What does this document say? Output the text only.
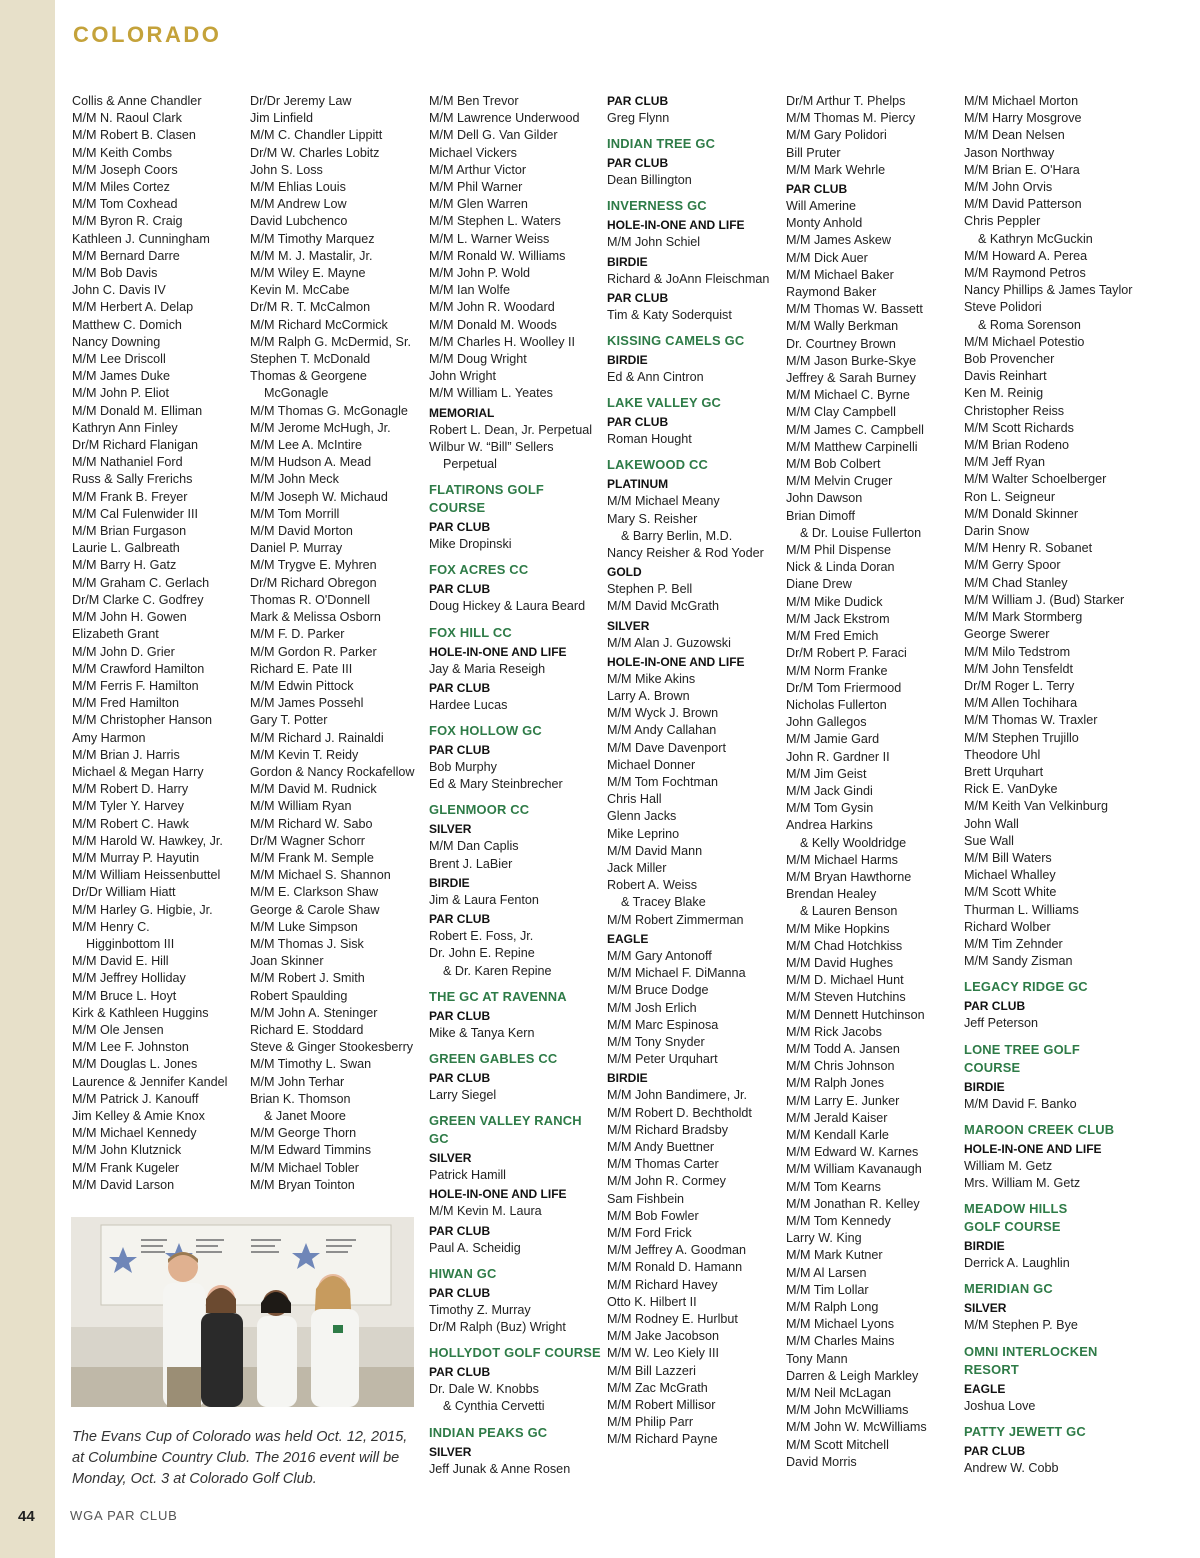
COLORADO
Collis & Anne Chandler
M/M N. Raoul Clark
M/M Robert B. Clasen
M/M Keith Combs
M/M Joseph Coors
M/M Miles Cortez
M/M Tom Coxhead
M/M Byron R. Craig
Kathleen J. Cunningham
M/M Bernard Darre
M/M Bob Davis
John C. Davis IV
M/M Herbert A. Delap
Matthew C. Domich
Nancy Downing
M/M Lee Driscoll
M/M James Duke
M/M John P. Eliot
M/M Donald M. Elliman
Kathryn Ann Finley
Dr/M Richard Flanigan
M/M Nathaniel Ford
Russ & Sally Frerichs
M/M Frank B. Freyer
M/M Cal Fulenwider III
M/M Brian Furgason
Laurie L. Galbreath
M/M Barry H. Gatz
M/M Graham C. Gerlach
Dr/M Clarke C. Godfrey
M/M John H. Gowen
Elizabeth Grant
M/M John D. Grier
M/M Crawford Hamilton
M/M Ferris F. Hamilton
M/M Fred Hamilton
M/M Christopher Hanson
Amy Harmon
M/M Brian J. Harris
Michael & Megan Harry
M/M Robert D. Harry
M/M Tyler Y. Harvey
M/M Robert C. Hawk
M/M Harold W. Hawkey, Jr.
M/M Murray P. Hayutin
M/M William Heissenbuttel
Dr/Dr William Hiatt
M/M Harley G. Higbie, Jr.
M/M Henry C.
Higginbottom III
M/M David E. Hill
M/M Jeffrey Holliday
M/M Bruce L. Hoyt
Kirk & Kathleen Huggins
M/M Ole Jensen
M/M Lee F. Johnston
M/M Douglas L. Jones
Laurence & Jennifer Kandel
M/M Patrick J. Kanouff
Jim Kelley & Amie Knox
M/M Michael Kennedy
M/M John Klutznick
M/M Frank Kugeler
M/M David Larson
Dr/Dr Jeremy Law
Jim Linfield
M/M C. Chandler Lippitt
Dr/M W. Charles Lobitz
John S. Loss
M/M Ehlias Louis
M/M Andrew Low
David Lubchenco
M/M Timothy Marquez
M/M M. J. Mastalir, Jr.
M/M Wiley E. Mayne
Kevin M. McCabe
Dr/M R. T. McCalmon
M/M Richard McCormick
M/M Ralph G. McDermid, Sr.
Stephen T. McDonald
Thomas & Georgene
McGonagle
M/M Thomas G. McGonagle
M/M Jerome McHugh, Jr.
M/M Lee A. McIntire
M/M Hudson A. Mead
M/M John Meck
M/M Joseph W. Michaud
M/M Tom Morrill
M/M David Morton
Daniel P. Murray
M/M Trygve E. Myhren
Dr/M Richard Obregon
Thomas R. O'Donnell
Mark & Melissa Osborn
M/M F. D. Parker
M/M Gordon R. Parker
Richard E. Pate III
M/M Edwin Pittock
M/M James Possehl
Gary T. Potter
M/M Richard J. Rainaldi
M/M Kevin T. Reidy
Gordon & Nancy Rockafellow
M/M David M. Rudnick
M/M William Ryan
M/M Richard W. Sabo
Dr/M Wagner Schorr
M/M Frank M. Semple
M/M Michael S. Shannon
M/M E. Clarkson Shaw
George & Carole Shaw
M/M Luke Simpson
M/M Thomas J. Sisk
Joan Skinner
M/M Robert J. Smith
Robert Spaulding
M/M John A. Steninger
Richard E. Stoddard
Steve & Ginger Stookesberry
M/M Timothy L. Swan
M/M John Terhar
Brian K. Thomson
& Janet Moore
M/M George Thorn
M/M Edward Timmins
M/M Michael Tobler
M/M Bryan Tointon
M/M Ben Trevor
M/M Lawrence Underwood
M/M Dell G. Van Gilder
Michael Vickers
M/M Arthur Victor
M/M Phil Warner
M/M Glen Warren
M/M Stephen L. Waters
M/M L. Warner Weiss
M/M Ronald W. Williams
M/M John P. Wold
M/M Ian Wolfe
M/M John R. Woodard
M/M Donald M. Woods
M/M Charles H. Woolley II
M/M Doug Wright
John Wright
M/M William L. Yeates
MEMORIAL
Robert L. Dean, Jr. Perpetual
Wilbur W. “Bill” Sellers
Perpetual
FLATIRONS GOLF COURSE
PAR CLUB
Mike Dropinski
FOX ACRES CC
PAR CLUB
Doug Hickey & Laura Beard
FOX HILL CC
HOLE-IN-ONE AND LIFE
Jay & Maria Reseigh
PAR CLUB
Hardee Lucas
FOX HOLLOW GC
PAR CLUB
Bob Murphy
Ed & Mary Steinbrecher
GLENMOOR CC
SILVER
M/M Dan Caplis
Brent J. LaBier
BIRDIE
Jim & Laura Fenton
PAR CLUB
Robert E. Foss, Jr.
Dr. John E. Repine
& Dr. Karen Repine
THE GC AT RAVENNA
PAR CLUB
Mike & Tanya Kern
GREEN GABLES CC
PAR CLUB
Larry Siegel
GREEN VALLEY RANCH GC
SILVER
Patrick Hamill
HOLE-IN-ONE AND LIFE
M/M Kevin M. Laura
PAR CLUB
Paul A. Scheidig
HIWAN GC
PAR CLUB
Timothy Z. Murray
Dr/M Ralph (Buz) Wright
HOLLYDOT GOLF COURSE
PAR CLUB
Dr. Dale W. Knobbs
& Cynthia Cervetti
INDIAN PEAKS GC
SILVER
Jeff Junak & Anne Rosen
PAR CLUB
Greg Flynn
INDIAN TREE GC
PAR CLUB
Dean Billington
INVERNESS GC
HOLE-IN-ONE AND LIFE
M/M John Schiel
BIRDIE
Richard & JoAnn Fleischman
PAR CLUB
Tim & Katy Soderquist
KISSING CAMELS GC
BIRDIE
Ed & Ann Cintron
LAKE VALLEY GC
PAR CLUB
Roman Hought
LAKEWOOD CC
PLATINUM
M/M Michael Meany
Mary S. Reisher
& Barry Berlin, M.D.
Nancy Reisher & Rod Yoder
GOLD
Stephen P. Bell
M/M David McGrath
SILVER
M/M Alan J. Guzowski
HOLE-IN-ONE AND LIFE
M/M Mike Akins
Larry A. Brown
M/M Wyck J. Brown
M/M Andy Callahan
M/M Dave Davenport
Michael Donner
M/M Tom Fochtman
Chris Hall
Glenn Jacks
Mike Leprino
M/M David Mann
Jack Miller
Robert A. Weiss
& Tracey Blake
M/M Robert Zimmerman
EAGLE
M/M Gary Antonoff
M/M Michael F. DiManna
M/M Bruce Dodge
M/M Josh Erlich
M/M Marc Espinosa
M/M Tony Snyder
M/M Peter Urquhart
BIRDIE
M/M John Bandimere, Jr.
M/M Robert D. Bechtholdt
M/M Richard Bradsby
M/M Andy Buettner
M/M Thomas Carter
M/M John R. Cormey
Sam Fishbein
M/M Bob Fowler
M/M Ford Frick
M/M Jeffrey A. Goodman
M/M Ronald D. Hamann
M/M Richard Havey
Otto K. Hilbert II
M/M Rodney E. Hurlbut
M/M Jake Jacobson
M/M W. Leo Kiely III
M/M Bill Lazzeri
M/M Zac McGrath
M/M Robert Millisor
M/M Philip Parr
M/M Richard Payne
Dr/M Arthur T. Phelps
M/M Thomas M. Piercy
M/M Gary Polidori
Bill Pruter
M/M Mark Wehrle
PAR CLUB
Will Amerine
Monty Anhold
M/M James Askew
M/M Dick Auer
M/M Michael Baker
Raymond Baker
M/M Thomas W. Bassett
M/M Wally Berkman
Dr. Courtney Brown
M/M Jason Burke-Skye
Jeffrey & Sarah Burney
M/M Michael C. Byrne
M/M Clay Campbell
M/M James C. Campbell
M/M Matthew Carpinelli
M/M Bob Colbert
M/M Melvin Cruger
John Dawson
Brian Dimoff
& Dr. Louise Fullerton
M/M Phil Dispense
Nick & Linda Doran
Diane Drew
M/M Mike Dudick
M/M Jack Ekstrom
M/M Fred Emich
Dr/M Robert P. Faraci
M/M Norm Franke
Dr/M Tom Friermood
Nicholas Fullerton
John Gallegos
M/M Jamie Gard
John R. Gardner II
M/M Jim Geist
M/M Jack Gindi
M/M Tom Gysin
Andrea Harkins
& Kelly Wooldridge
M/M Michael Harms
M/M Bryan Hawthorne
Brendan Healey
& Lauren Benson
M/M Mike Hopkins
M/M Chad Hotchkiss
M/M David Hughes
M/M D. Michael Hunt
M/M Steven Hutchins
M/M Dennett Hutchinson
M/M Rick Jacobs
M/M Todd A. Jansen
M/M Chris Johnson
M/M Ralph Jones
M/M Larry E. Junker
M/M Jerald Kaiser
M/M Kendall Karle
M/M Edward W. Karnes
M/M William Kavanaugh
M/M Tom Kearns
M/M Jonathan R. Kelley
M/M Tom Kennedy
Larry W. King
M/M Mark Kutner
M/M Al Larsen
M/M Tim Lollar
M/M Ralph Long
M/M Michael Lyons
M/M Charles Mains
Tony Mann
Darren & Leigh Markley
M/M Neil McLagan
M/M John McWilliams
M/M John W. McWilliams
M/M Scott Mitchell
David Morris
M/M Michael Morton
M/M Harry Mosgrove
M/M Dean Nelsen
Jason Northway
M/M Brian E. O'Hara
M/M John Orvis
M/M David Patterson
Chris Peppler
& Kathryn McGuckin
M/M Howard A. Perea
M/M Raymond Petros
Nancy Phillips & James Taylor
Steve Polidori
& Roma Sorenson
M/M Michael Potestio
Bob Provencher
Davis Reinhart
Ken M. Reinig
Christopher Reiss
M/M Scott Richards
M/M Brian Rodeno
M/M Jeff Ryan
M/M Walter Schoelberger
Ron L. Seigneur
M/M Donald Skinner
Darin Snow
M/M Henry R. Sobanet
M/M Gerry Spoor
M/M Chad Stanley
M/M William J. (Bud) Starker
M/M Mark Stormberg
George Swerer
M/M Milo Tedstrom
M/M John Tensfeldt
Dr/M Roger L. Terry
M/M Allen Tochihara
M/M Thomas W. Traxler
M/M Stephen Trujillo
Theodore Uhl
Brett Urquhart
Rick E. VanDyke
M/M Keith Van Velkinburg
John Wall
Sue Wall
M/M Bill Waters
Michael Whalley
M/M Scott White
Thurman L. Williams
Richard Wolber
M/M Tim Zehnder
M/M Sandy Zisman
LEGACY RIDGE GC
PAR CLUB
Jeff Peterson
LONE TREE GOLF COURSE
BIRDIE
M/M David F. Banko
MAROON CREEK CLUB
HOLE-IN-ONE AND LIFE
William M. Getz
Mrs. William M. Getz
MEADOW HILLS
GOLF COURSE
BIRDIE
Derrick A. Laughlin
MERIDIAN GC
SILVER
M/M Stephen P. Bye
OMNI INTERLOCKEN
RESORT
EAGLE
Joshua Love
PATTY JEWETT GC
PAR CLUB
Andrew W. Cobb

The Evans Cup of Colorado was held Oct. 12, 2015, at Columbine Country Club. The 2016 event will be Monday, Oct. 3 at Colorado Golf Club.

44	WGA PAR CLUB
